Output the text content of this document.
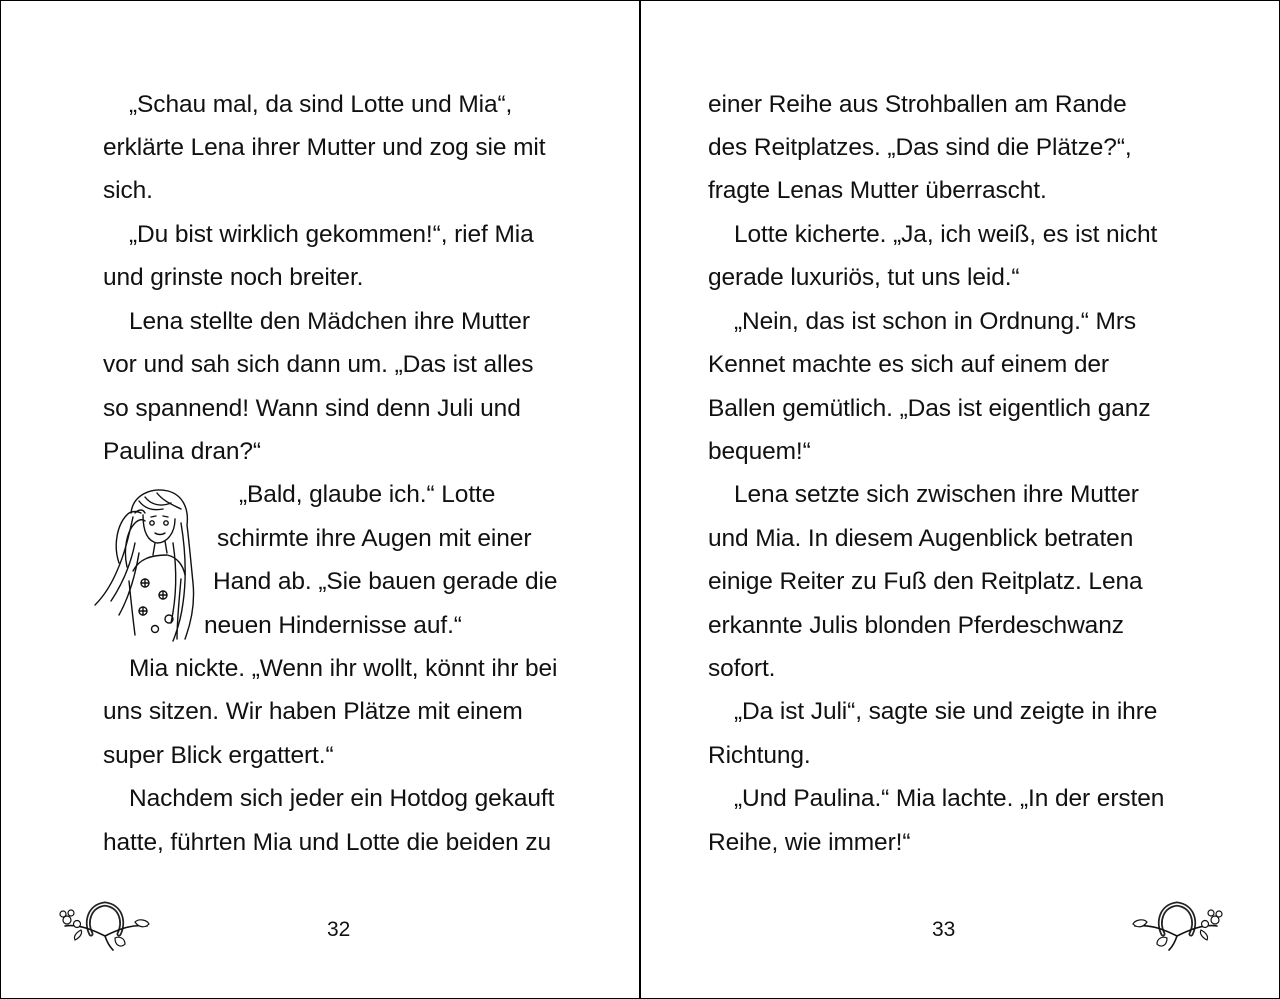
„Schau mal, da sind Lotte und Mia“,

erklärte Lena ihrer Mutter und zog sie mit

sich.

„Du bist wirklich gekommen!“, rief Mia

und grinste noch breiter.

Lena stellte den Mädchen ihre Mutter

vor und sah sich dann um. „Das ist alles

so spannend! Wann sind denn Juli und

Paulina dran?“

„Bald, glaube ich.“ Lotte

schirmte ihre Augen mit einer

Hand ab. „Sie bauen gerade die

neuen Hindernisse auf.“

Mia nickte. „Wenn ihr wollt, könnt ihr bei

uns sitzen. Wir haben Plätze mit einem

super Blick ergattert.“

Nachdem sich jeder ein Hotdog gekauft

hatte, führten Mia und Lotte die beiden zu

32

einer Reihe aus Strohballen am Rande

des Reitplatzes. „Das sind die Plätze?“,

fragte Lenas Mutter überrascht.

Lotte kicherte. „Ja, ich weiß, es ist nicht

gerade luxuriös, tut uns leid.“

„Nein, das ist schon in Ordnung.“ Mrs

Kennet machte es sich auf einem der

Ballen gemütlich. „Das ist eigentlich ganz

bequem!“

Lena setzte sich zwischen ihre Mutter

und Mia. In diesem Augenblick betraten

einige Reiter zu Fuß den Reitplatz. Lena

erkannte Julis blonden Pferdeschwanz

sofort.

„Da ist Juli“, sagte sie und zeigte in ihre

Richtung.

„Und Paulina.“ Mia lachte. „In der ersten

Reihe, wie immer!“

33
